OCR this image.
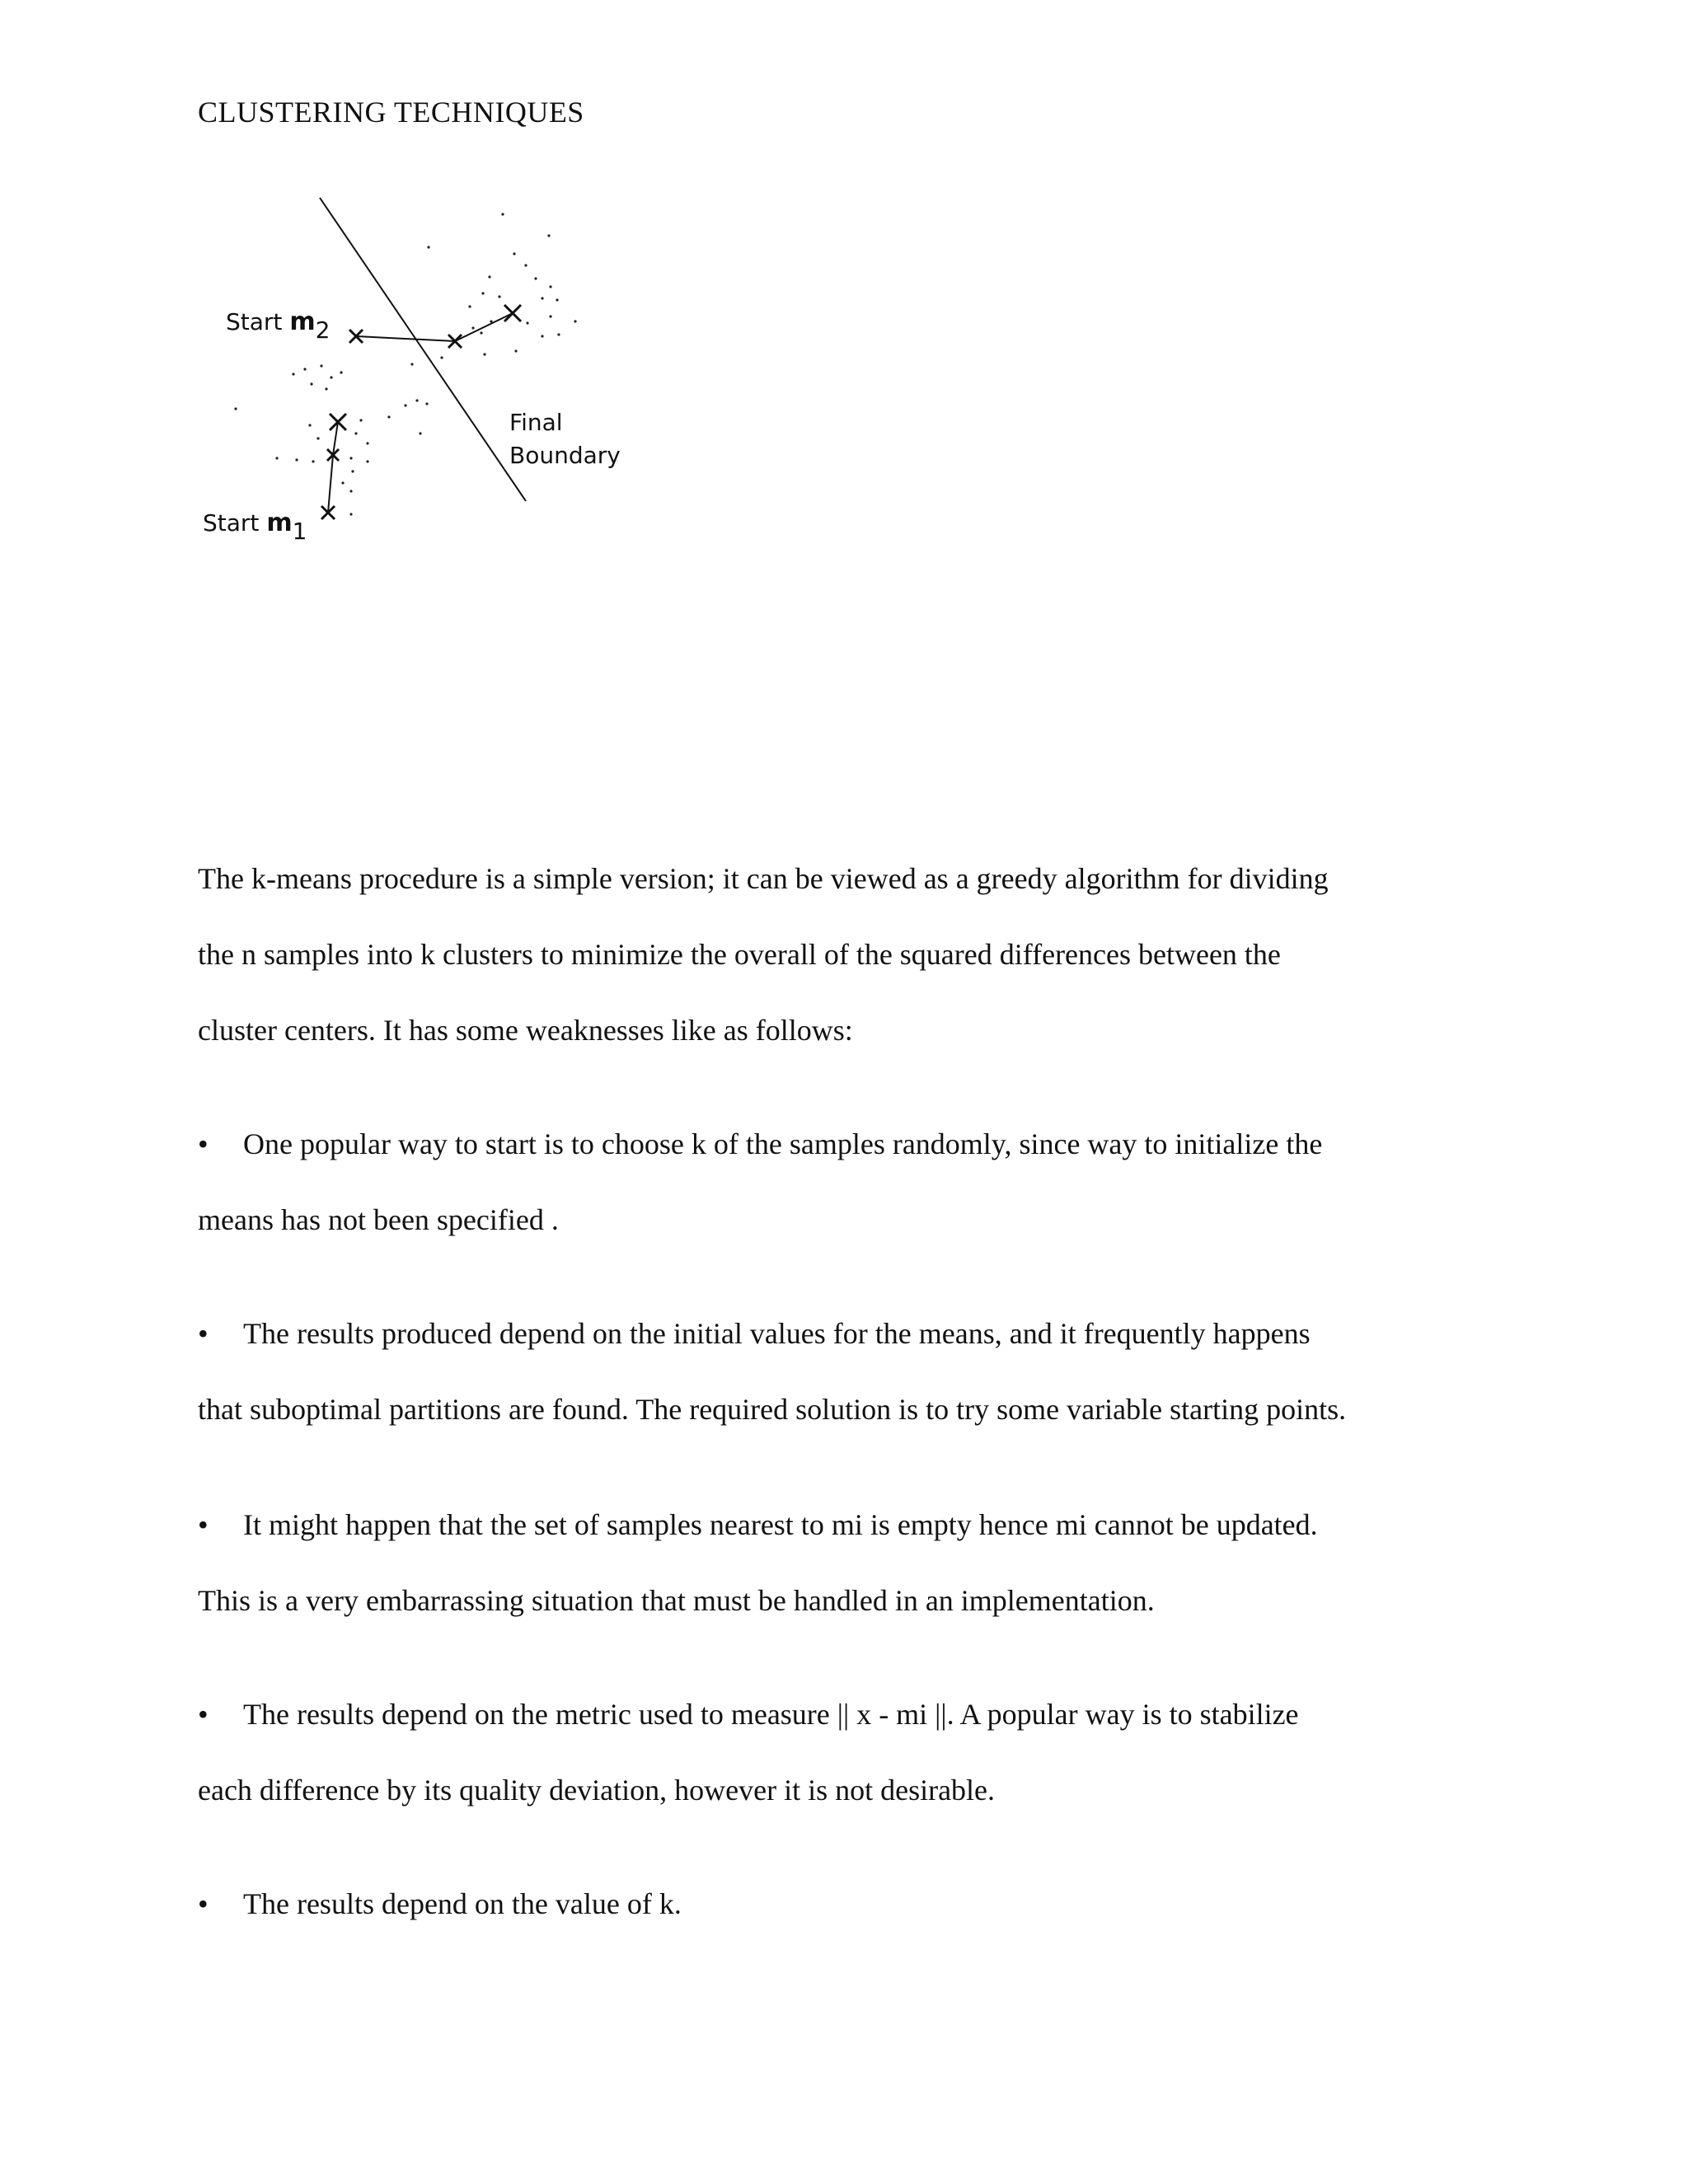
CLUSTERING TECHNIQUES
Start m2
Start m1
Final
Boundary

The k-means procedure is a simple version; it can be viewed as a greedy algorithm for dividing

the n samples into k clusters to minimize the overall of the squared differences between the

cluster centers. It has some weaknesses like as follows:

• One popular way to start is to choose k of the samples randomly, since way to initialize the

means has not been specified .

• The results produced depend on the initial values for the means, and it frequently happens

that suboptimal partitions are found. The required solution is to try some variable starting points.

• It might happen that the set of samples nearest to mi is empty hence mi cannot be updated.

This is a very embarrassing situation that must be handled in an implementation.

• The results depend on the metric used to measure || x - mi ||. A popular way is to stabilize

each difference by its quality deviation, however it is not desirable.

• The results depend on the value of k.
